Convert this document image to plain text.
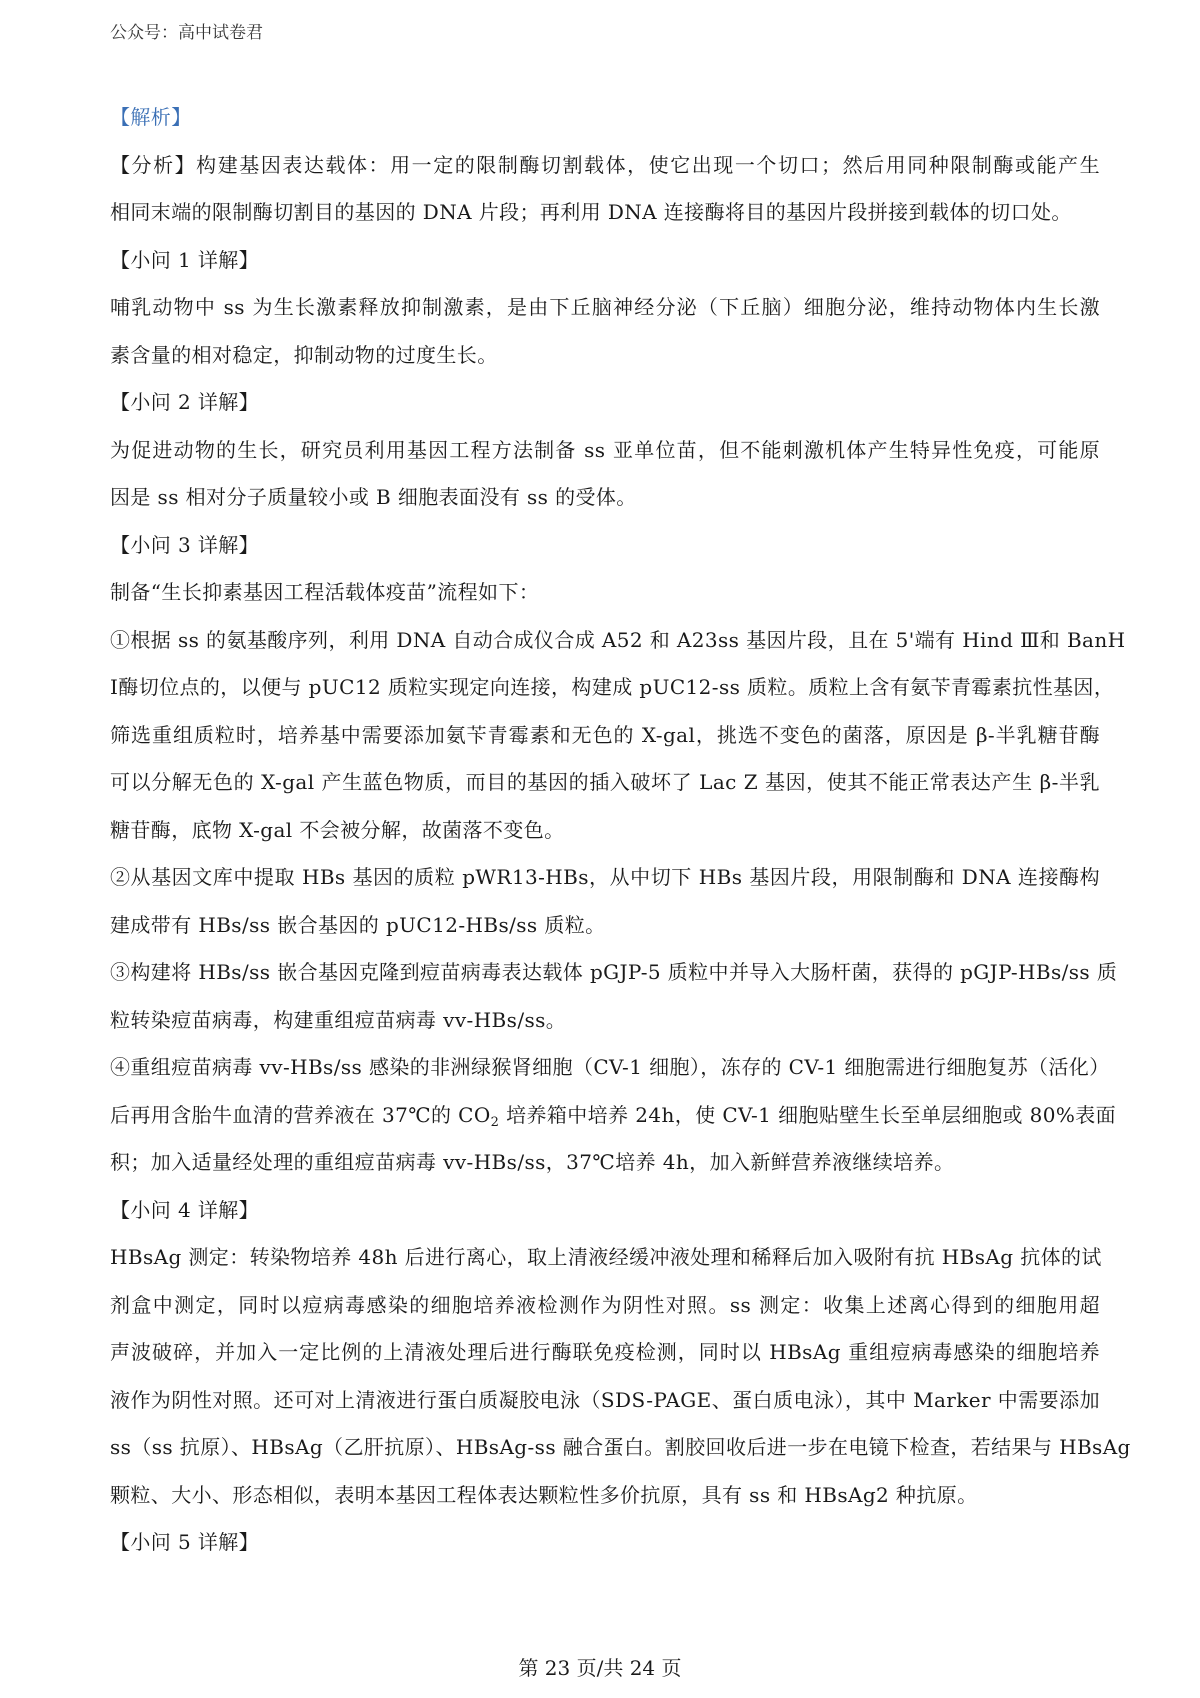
公众号：高中试卷君
【解析】
【分析】构建基因表达载体：用一定的限制酶切割载体，使它出现一个切口；然后用同种限制酶或能产生
相同末端的限制酶切割目的基因的 DNA 片段；再利用 DNA 连接酶将目的基因片段拼接到载体的切口处。
【小问 1 详解】
哺乳动物中 ss 为生长激素释放抑制激素，是由下丘脑神经分泌（下丘脑）细胞分泌，维持动物体内生长激
素含量的相对稳定，抑制动物的过度生长。
【小问 2 详解】
为促进动物的生长，研究员利用基因工程方法制备 ss 亚单位苗，但不能刺激机体产生特异性免疫，可能原
因是 ss 相对分子质量较小或 B 细胞表面没有 ss 的受体。
【小问 3 详解】
制备“生长抑素基因工程活载体疫苗”流程如下：
①根据 ss 的氨基酸序列，利用 DNA 自动合成仪合成 A52 和 A23ss 基因片段，且在 5'端有 Hind Ⅲ和 BanH
Ⅰ酶切位点的，以便与 pUC12 质粒实现定向连接，构建成 pUC12-ss 质粒。质粒上含有氨苄青霉素抗性基因，
筛选重组质粒时，培养基中需要添加氨苄青霉素和无色的 X-gal，挑选不变色的菌落，原因是 β-半乳糖苷酶
可以分解无色的 X-gal 产生蓝色物质，而目的基因的插入破坏了 Lac Z 基因，使其不能正常表达产生 β-半乳
糖苷酶，底物 X-gal 不会被分解，故菌落不变色。
②从基因文库中提取 HBs 基因的质粒 pWR13-HBs，从中切下 HBs 基因片段，用限制酶和 DNA 连接酶构
建成带有 HBs/ss 嵌合基因的 pUC12-HBs/ss 质粒。
③构建将 HBs/ss 嵌合基因克隆到痘苗病毒表达载体 pGJP-5 质粒中并导入大肠杆菌，获得的 pGJP-HBs/ss 质
粒转染痘苗病毒，构建重组痘苗病毒 vv-HBs/ss。
④重组痘苗病毒 vv-HBs/ss 感染的非洲绿猴肾细胞（CV-1 细胞），冻存的 CV-1 细胞需进行细胞复苏（活化）
后再用含胎牛血清的营养液在 37℃的 $CO_2$ 培养箱中培养 24h，使 CV-1 细胞贴壁生长至单层细胞或 80%表面
积；加入适量经处理的重组痘苗病毒 vv-HBs/ss，37℃培养 4h，加入新鲜营养液继续培养。
【小问 4 详解】
HBsAg 测定：转染物培养 48h 后进行离心，取上清液经缓冲液处理和稀释后加入吸附有抗 HBsAg 抗体的试
剂盒中测定，同时以痘病毒感染的细胞培养液检测作为阴性对照。ss 测定：收集上述离心得到的细胞用超
声波破碎，并加入一定比例的上清液处理后进行酶联免疫检测，同时以 HBsAg 重组痘病毒感染的细胞培养
液作为阴性对照。还可对上清液进行蛋白质凝胶电泳（SDS-PAGE、蛋白质电泳），其中 Marker 中需要添加
ss（ss 抗原）、HBsAg（乙肝抗原）、HBsAg-ss 融合蛋白。割胶回收后进一步在电镜下检查，若结果与 HBsAg
颗粒、大小、形态相似，表明本基因工程体表达颗粒性多价抗原，具有 ss 和 HBsAg2 种抗原。
【小问 5 详解】
第 23 页/共 24 页
